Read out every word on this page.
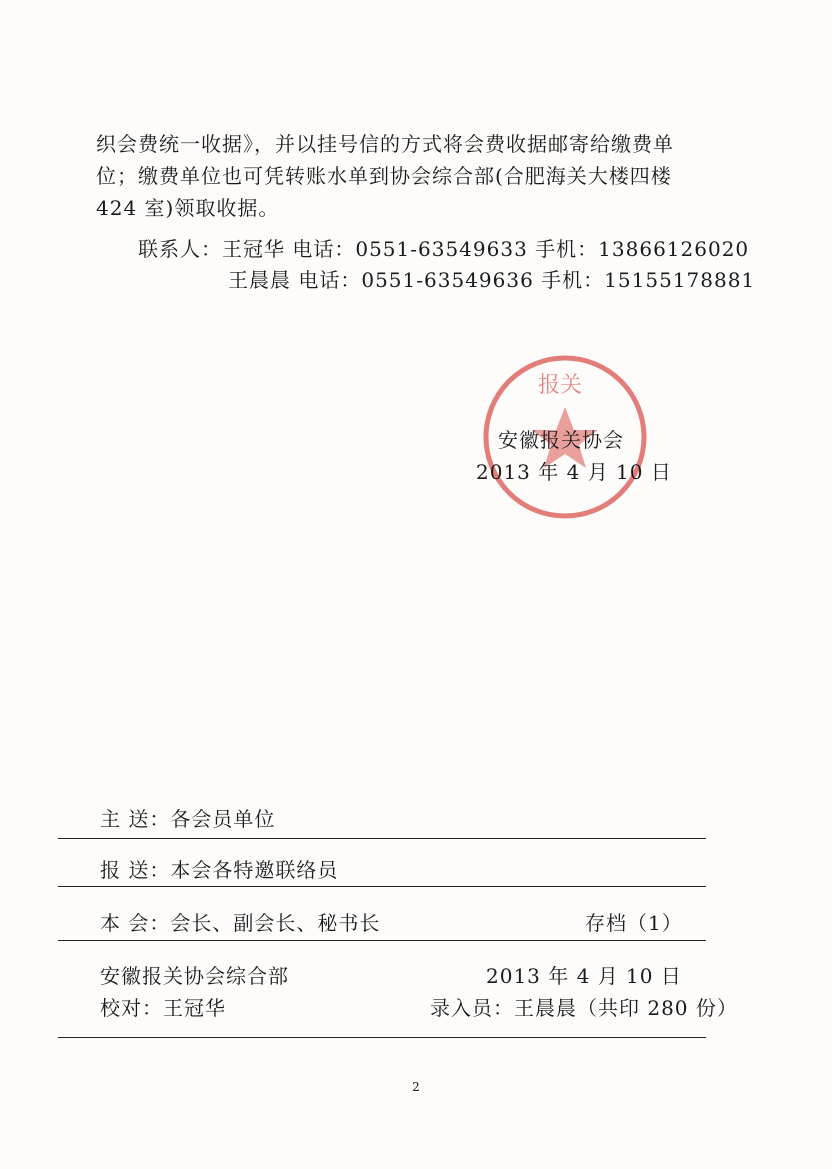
织会费统一收据》，并以挂号信的方式将会费收据邮寄给缴费单
位；缴费单位也可凭转账水单到协会综合部(合肥海关大楼四楼
424 室)领取收据。
联系人：王冠华 电话：0551-63549633 手机：13866126020
王晨晨 电话：0551-63549636 手机：15155178881
报关
安徽报关协会
2013 年 4 月 10 日
主 送：各会员单位
报 送：本会各特邀联络员
本 会：会长、副会长、秘书长	存档（1）
安徽报关协会综合部	2013 年 4 月 10 日
校对：王冠华	录入员：王晨晨（共印 280 份）
2
